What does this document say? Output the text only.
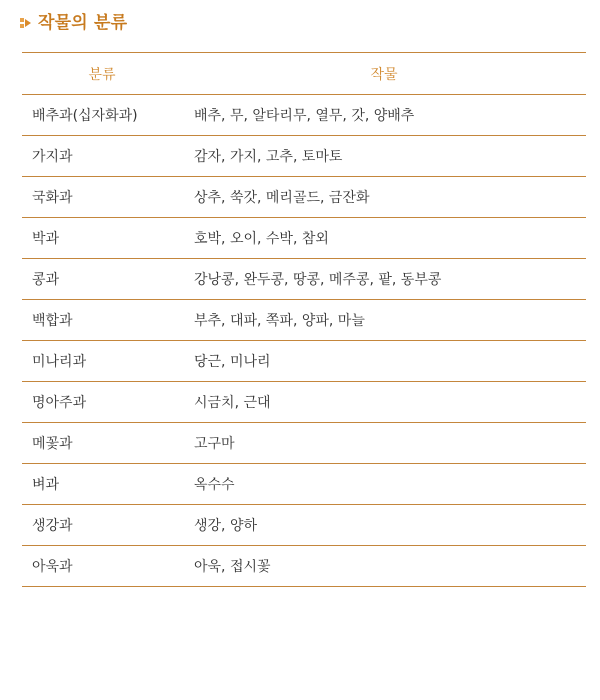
작물의 분류
분류	작물
배추과(십자화과)	배추, 무, 알타리무, 열무, 갓, 양배추
가지과	감자, 가지, 고추, 토마토
국화과	상추, 쑥갓, 메리골드, 금잔화
박과	호박, 오이, 수박, 참외
콩과	강낭콩, 완두콩, 땅콩, 메주콩, 팥, 동부콩
백합과	부추, 대파, 쪽파, 양파, 마늘
미나리과	당근, 미나리
명아주과	시금치, 근대
메꽃과	고구마
벼과	옥수수
생강과	생강, 양하
아욱과	아욱, 접시꽃
